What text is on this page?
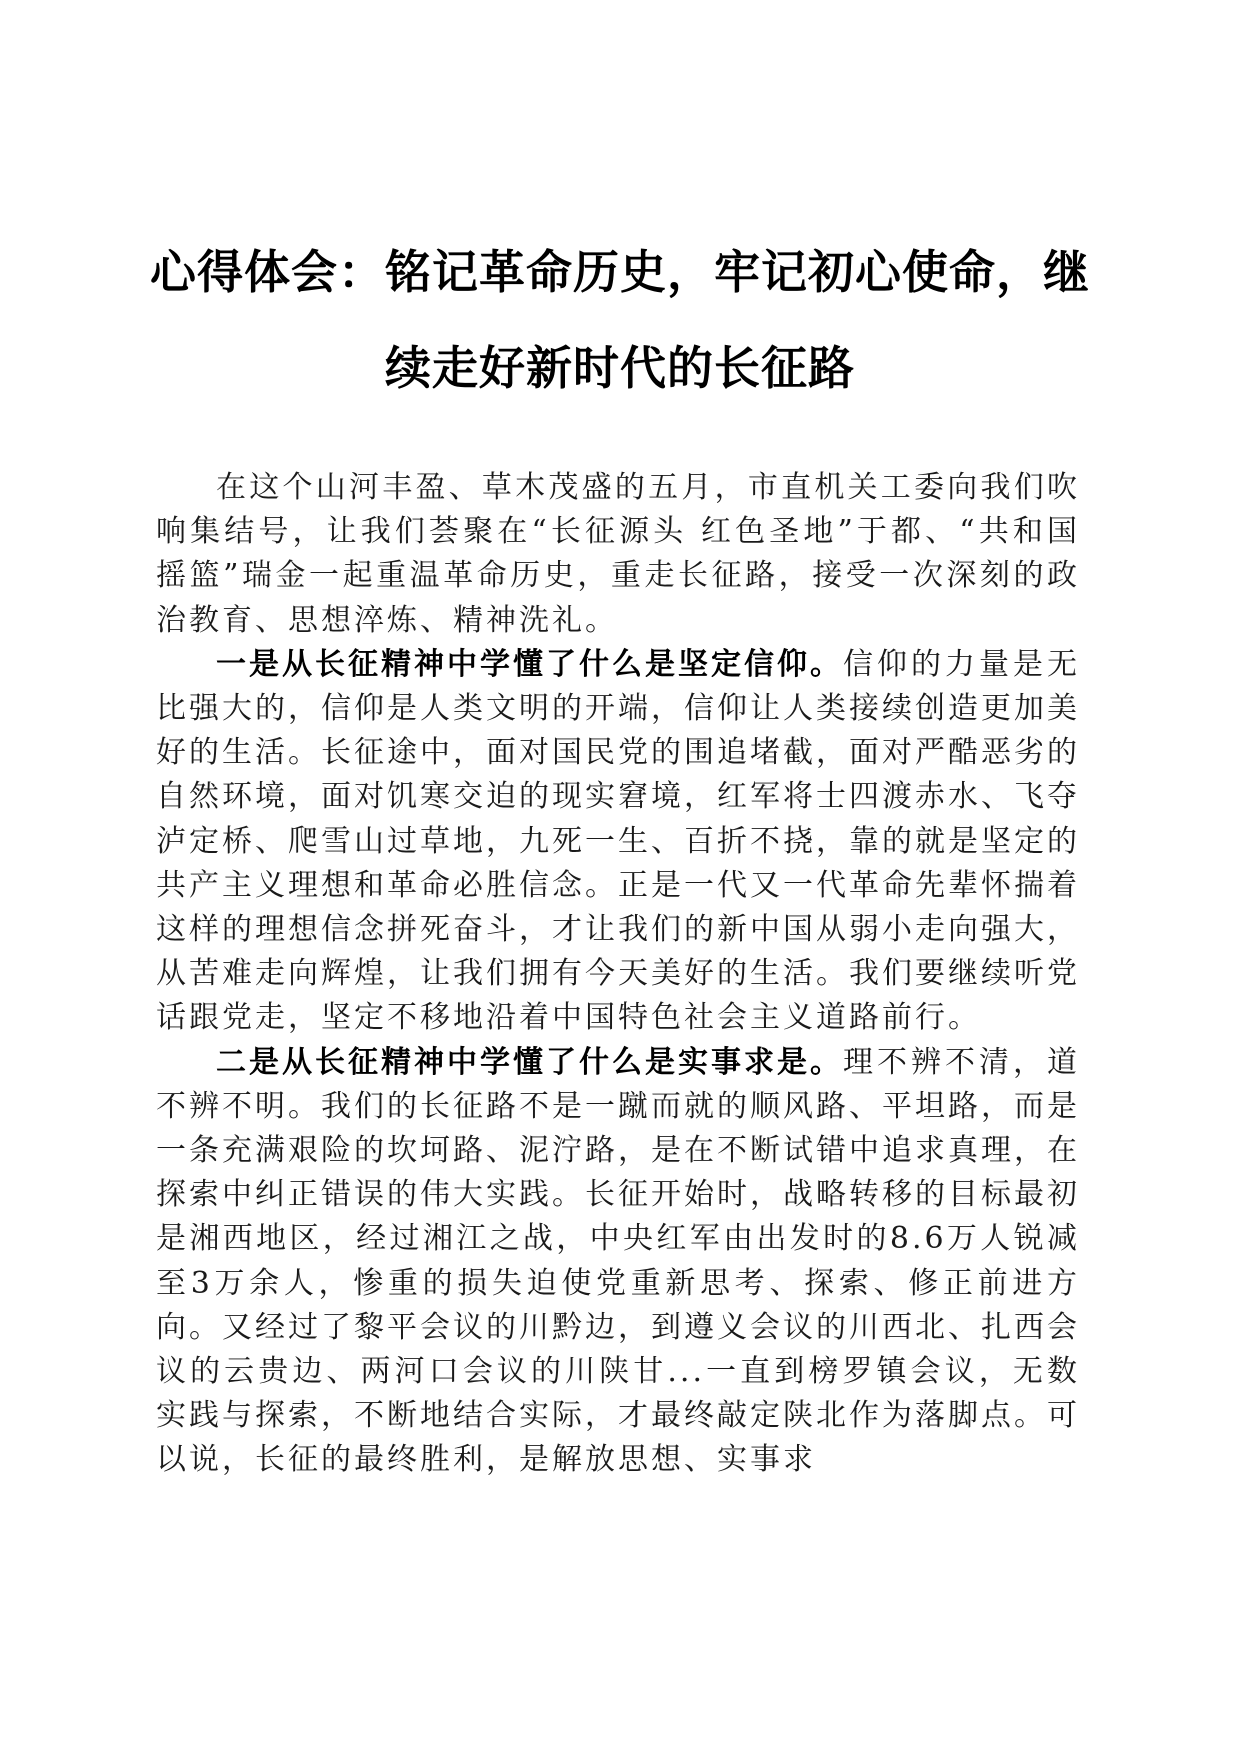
心得体会：铭记革命历史，牢记初心使命，继续走好新时代的长征路

在这个山河丰盈、草木茂盛的五月，市直机关工委向我们吹响集结号，让我们荟聚在“长征源头 红色圣地”于都、“共和国摇篮”瑞金一起重温革命历史，重走长征路，接受一次深刻的政治教育、思想淬炼、精神洗礼。

一是从长征精神中学懂了什么是坚定信仰。信仰的力量是无比强大的，信仰是人类文明的开端，信仰让人类接续创造更加美好的生活。长征途中，面对国民党的围追堵截，面对严酷恶劣的自然环境，面对饥寒交迫的现实窘境，红军将士四渡赤水、飞夺泸定桥、爬雪山过草地，九死一生、百折不挠，靠的就是坚定的共产主义理想和革命必胜信念。正是一代又一代革命先辈怀揣着这样的理想信念拼死奋斗，才让我们的新中国从弱小走向强大，从苦难走向辉煌，让我们拥有今天美好的生活。我们要继续听党话跟党走，坚定不移地沿着中国特色社会主义道路前行。

二是从长征精神中学懂了什么是实事求是。理不辨不清，道不辨不明。我们的长征路不是一蹴而就的顺风路、平坦路，而是一条充满艰险的坎坷路、泥泞路，是在不断试错中追求真理，在探索中纠正错误的伟大实践。长征开始时，战略转移的目标最初是湘西地区，经过湘江之战，中央红军由出发时的8.6万人锐减至3万余人，惨重的损失迫使党重新思考、探索、修正前进方向。又经过了黎平会议的川黔边，到遵义会议的川西北、扎西会议的云贵边、两河口会议的川陕甘...一直到榜罗镇会议，无数实践与探索，不断地结合实际，才最终敲定陕北作为落脚点。可以说，长征的最终胜利，是解放思想、实事求
